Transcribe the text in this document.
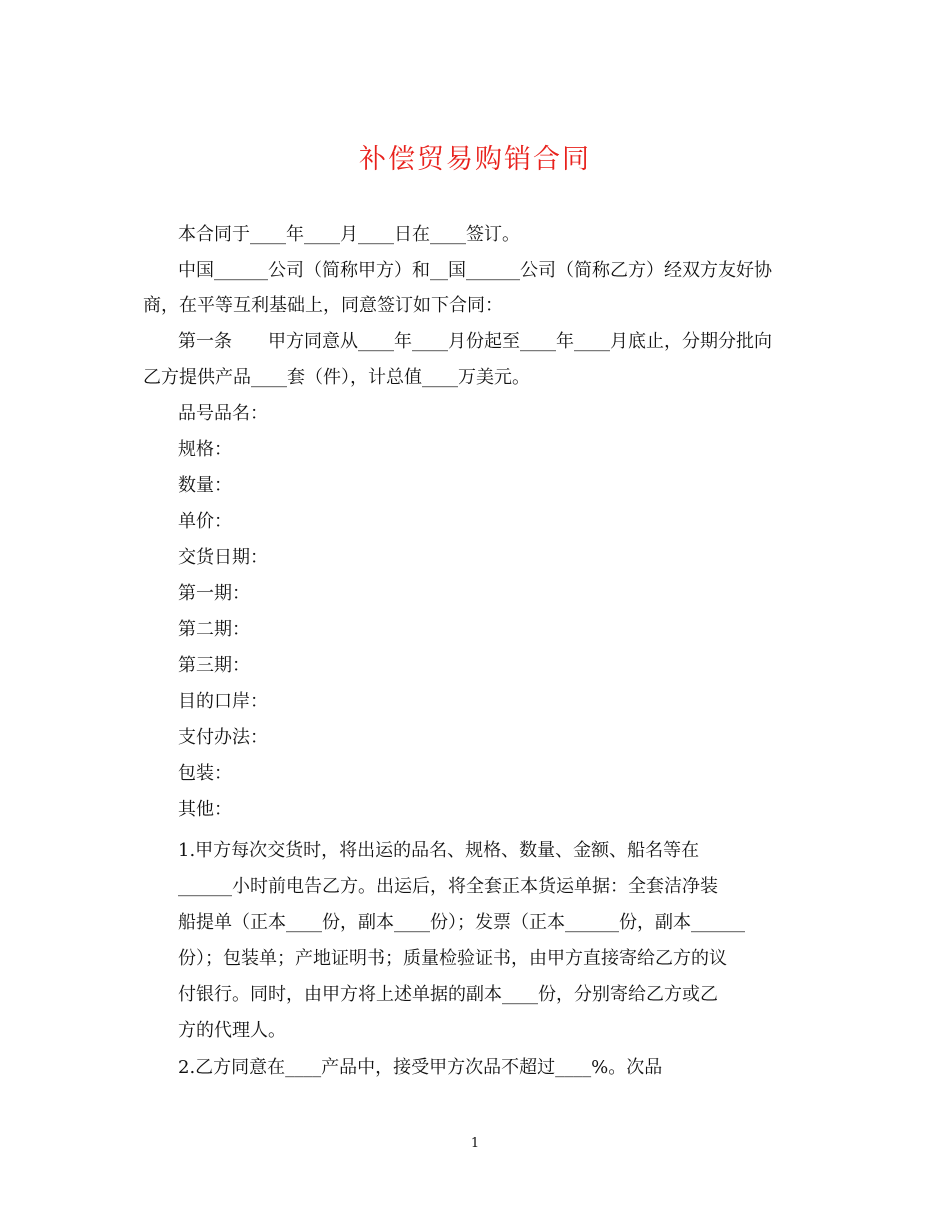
补偿贸易购销合同
本合同于____年____月____日在____签订。
中国______公司（简称甲方）和__国______公司（简称乙方）经双方友好协
商，在平等互利基础上，同意签订如下合同：
第一条　　甲方同意从____年____月份起至____年____月底止，分期分批向
乙方提供产品____套（件），计总值____万美元。
品号品名：
规格：
数量：
单价：
交货日期：
第一期：
第二期：
第三期：
目的口岸：
支付办法：
包装：
其他：
1.甲方每次交货时，将出运的品名、规格、数量、金额、船名等在
______小时前电告乙方。出运后，将全套正本货运单据：全套洁净装
船提单（正本____份，副本____份）；发票（正本______份，副本______
份）；包装单；产地证明书；质量检验证书，由甲方直接寄给乙方的议
付银行。同时，由甲方将上述单据的副本____份，分别寄给乙方或乙
方的代理人。
2.乙方同意在____产品中，接受甲方次品不超过____%。次品
1
